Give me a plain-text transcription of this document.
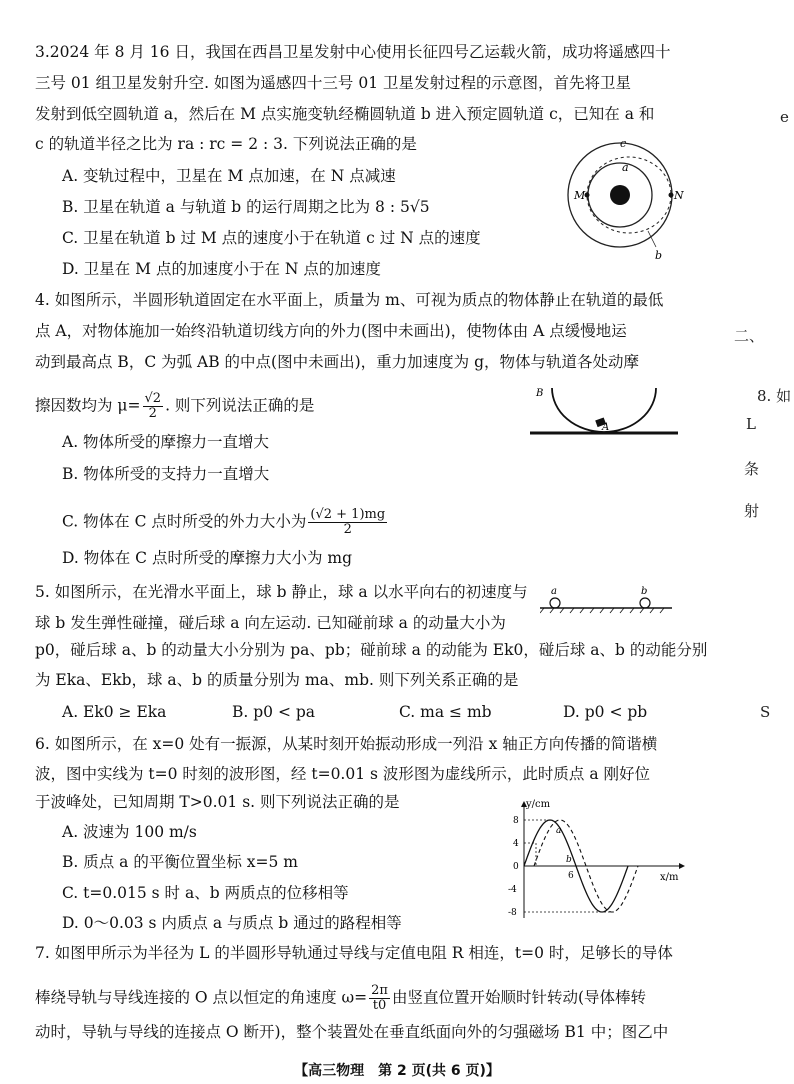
3.2024 年 8 月 16 日，我国在西昌卫星发射中心使用长征四号乙运载火箭，成功将遥感四十
三号 01 组卫星发射升空. 如图为遥感四十三号 01 卫星发射过程的示意图，首先将卫星
发射到低空圆轨道 a，然后在 M 点实施变轨经椭圆轨道 b 进入预定圆轨道 c，已知在 a 和
c 的轨道半径之比为 ra : rc = 2 : 3. 下列说法正确的是
A. 变轨过程中，卫星在 M 点加速，在 N 点减速
B. 卫星在轨道 a 与轨道 b 的运行周期之比为 8 : 5√5
C. 卫星在轨道 b 过 M 点的速度小于在轨道 c 过 N 点的速度
D. 卫星在 M 点的加速度小于在 N 点的加速度
c
a
M	N
b
4. 如图所示，半圆形轨道固定在水平面上，质量为 m、可视为质点的物体静止在轨道的最低
点 A，对物体施加一始终沿轨道切线方向的外力(图中未画出)，使物体由 A 点缓慢地运
动到最高点 B，C 为弧 AB 的中点(图中未画出)，重力加速度为 g，物体与轨道各处动摩
擦因数均为 $\mu= \frac{√2}{2}$ . 则下列说法正确的是
A. 物体所受的摩擦力一直增大
B. 物体所受的支持力一直增大
C. 物体在 C 点时所受的外力大小为 $\frac{(√2 + 1)mg}{2}$
D. 物体在 C 点时所受的摩擦力大小为 mg
B
A
5. 如图所示，在光滑水平面上，球 b 静止，球 a 以水平向右的初速度与
球 b 发生弹性碰撞，碰后球 a 向左运动. 已知碰前球 a 的动量大小为
p0，碰后球 a、b 的动量大小分别为 pa、pb；碰前球 a 的动能为 Ek0，碰后球 a、b 的动能分别
为 Eka、Ekb，球 a、b 的质量分别为 ma、mb. 则下列关系正确的是
A. Ek0 ≥ Eka	B. p0 < pa	C. ma ≤ mb	D. p0 < pb
a	b
6. 如图所示，在 x=0 处有一振源，从某时刻开始振动形成一列沿 x 轴正方向传播的简谐横
波，图中实线为 t=0 时刻的波形图，经 t=0.01 s 波形图为虚线所示，此时质点 a 刚好位
于波峰处，已知周期 T>0.01 s. 则下列说法正确的是
A. 波速为 100 m/s
B. 质点 a 的平衡位置坐标 x=5 m
C. t=0.015 s 时 a、b 两质点的位移相等
D. 0～0.03 s 内质点 a 与质点 b 通过的路程相等
y/cm
x/m
8
4
0
-4
-8
6
a
b
7. 如图甲所示为半径为 L 的半圆形导轨通过导线与定值电阻 R 相连，t=0 时，足够长的导体
棒绕导轨与导线连接的 O 点以恒定的角速度 $\omega= \frac{2\pi}{t0}$ 由竖直位置开始顺时针转动(导体棒转
动时，导轨与导线的连接点 O 断开)，整个装置处在垂直纸面向外的匀强磁场 B1 中；图乙中
e
二、
8. 如
L
条
射
S
【高三物理　第 2 页(共 6 页)】
